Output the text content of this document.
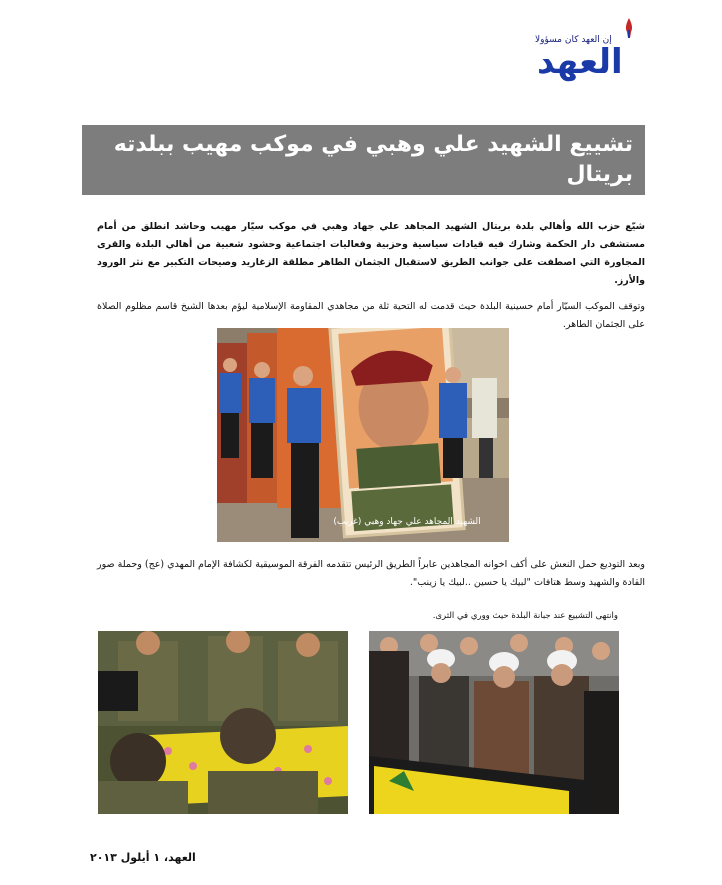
إن العهد كان مسؤولا
العهد
تشييع الشهيد علي وهبي في موكب مهيب ببلدته بريتال
شيّع حزب الله وأهالي بلدة بريتال الشهيد المجاهد علي جهاد وهبي في موكب سيّار مهيب وحاشد انطلق من أمام مستشفى دار الحكمة وشارك فيه قيادات سياسية وحزبية وفعاليات اجتماعية وحشود شعبية من أهالي البلدة والقرى المجاورة التي اصطفت على جوانب الطريق لاستقبال الجثمان الطاهر مطلقة الزغاريد وصيحات التكبير مع نثر الورود والأرز.
وتوقف الموكب السيّار أمام حسينية البلدة حيث قدمت له التحية ثلة من مجاهدي المقاومة الإسلامية ليؤم بعدها الشيخ قاسم مظلوم الصلاة على الجثمان الطاهر.
الشهيد المجاهد علي جهاد وهبي (غريب)
وبعد التوديع حمل النعش على أكف اخوانه المجاهدين عابراً الطريق الرئيس تتقدمه الفرقة الموسيقية لكشافة الإمام المهدي (عج) وحملة صور القادة والشهيد وسط هتافات "لبيك يا حسين ..لبيك يا زينب".
وانتهى التشييع عند جبانة البلدة حيث ووري في الثرى.
العهد، ١ أيلول ٢٠١٣
